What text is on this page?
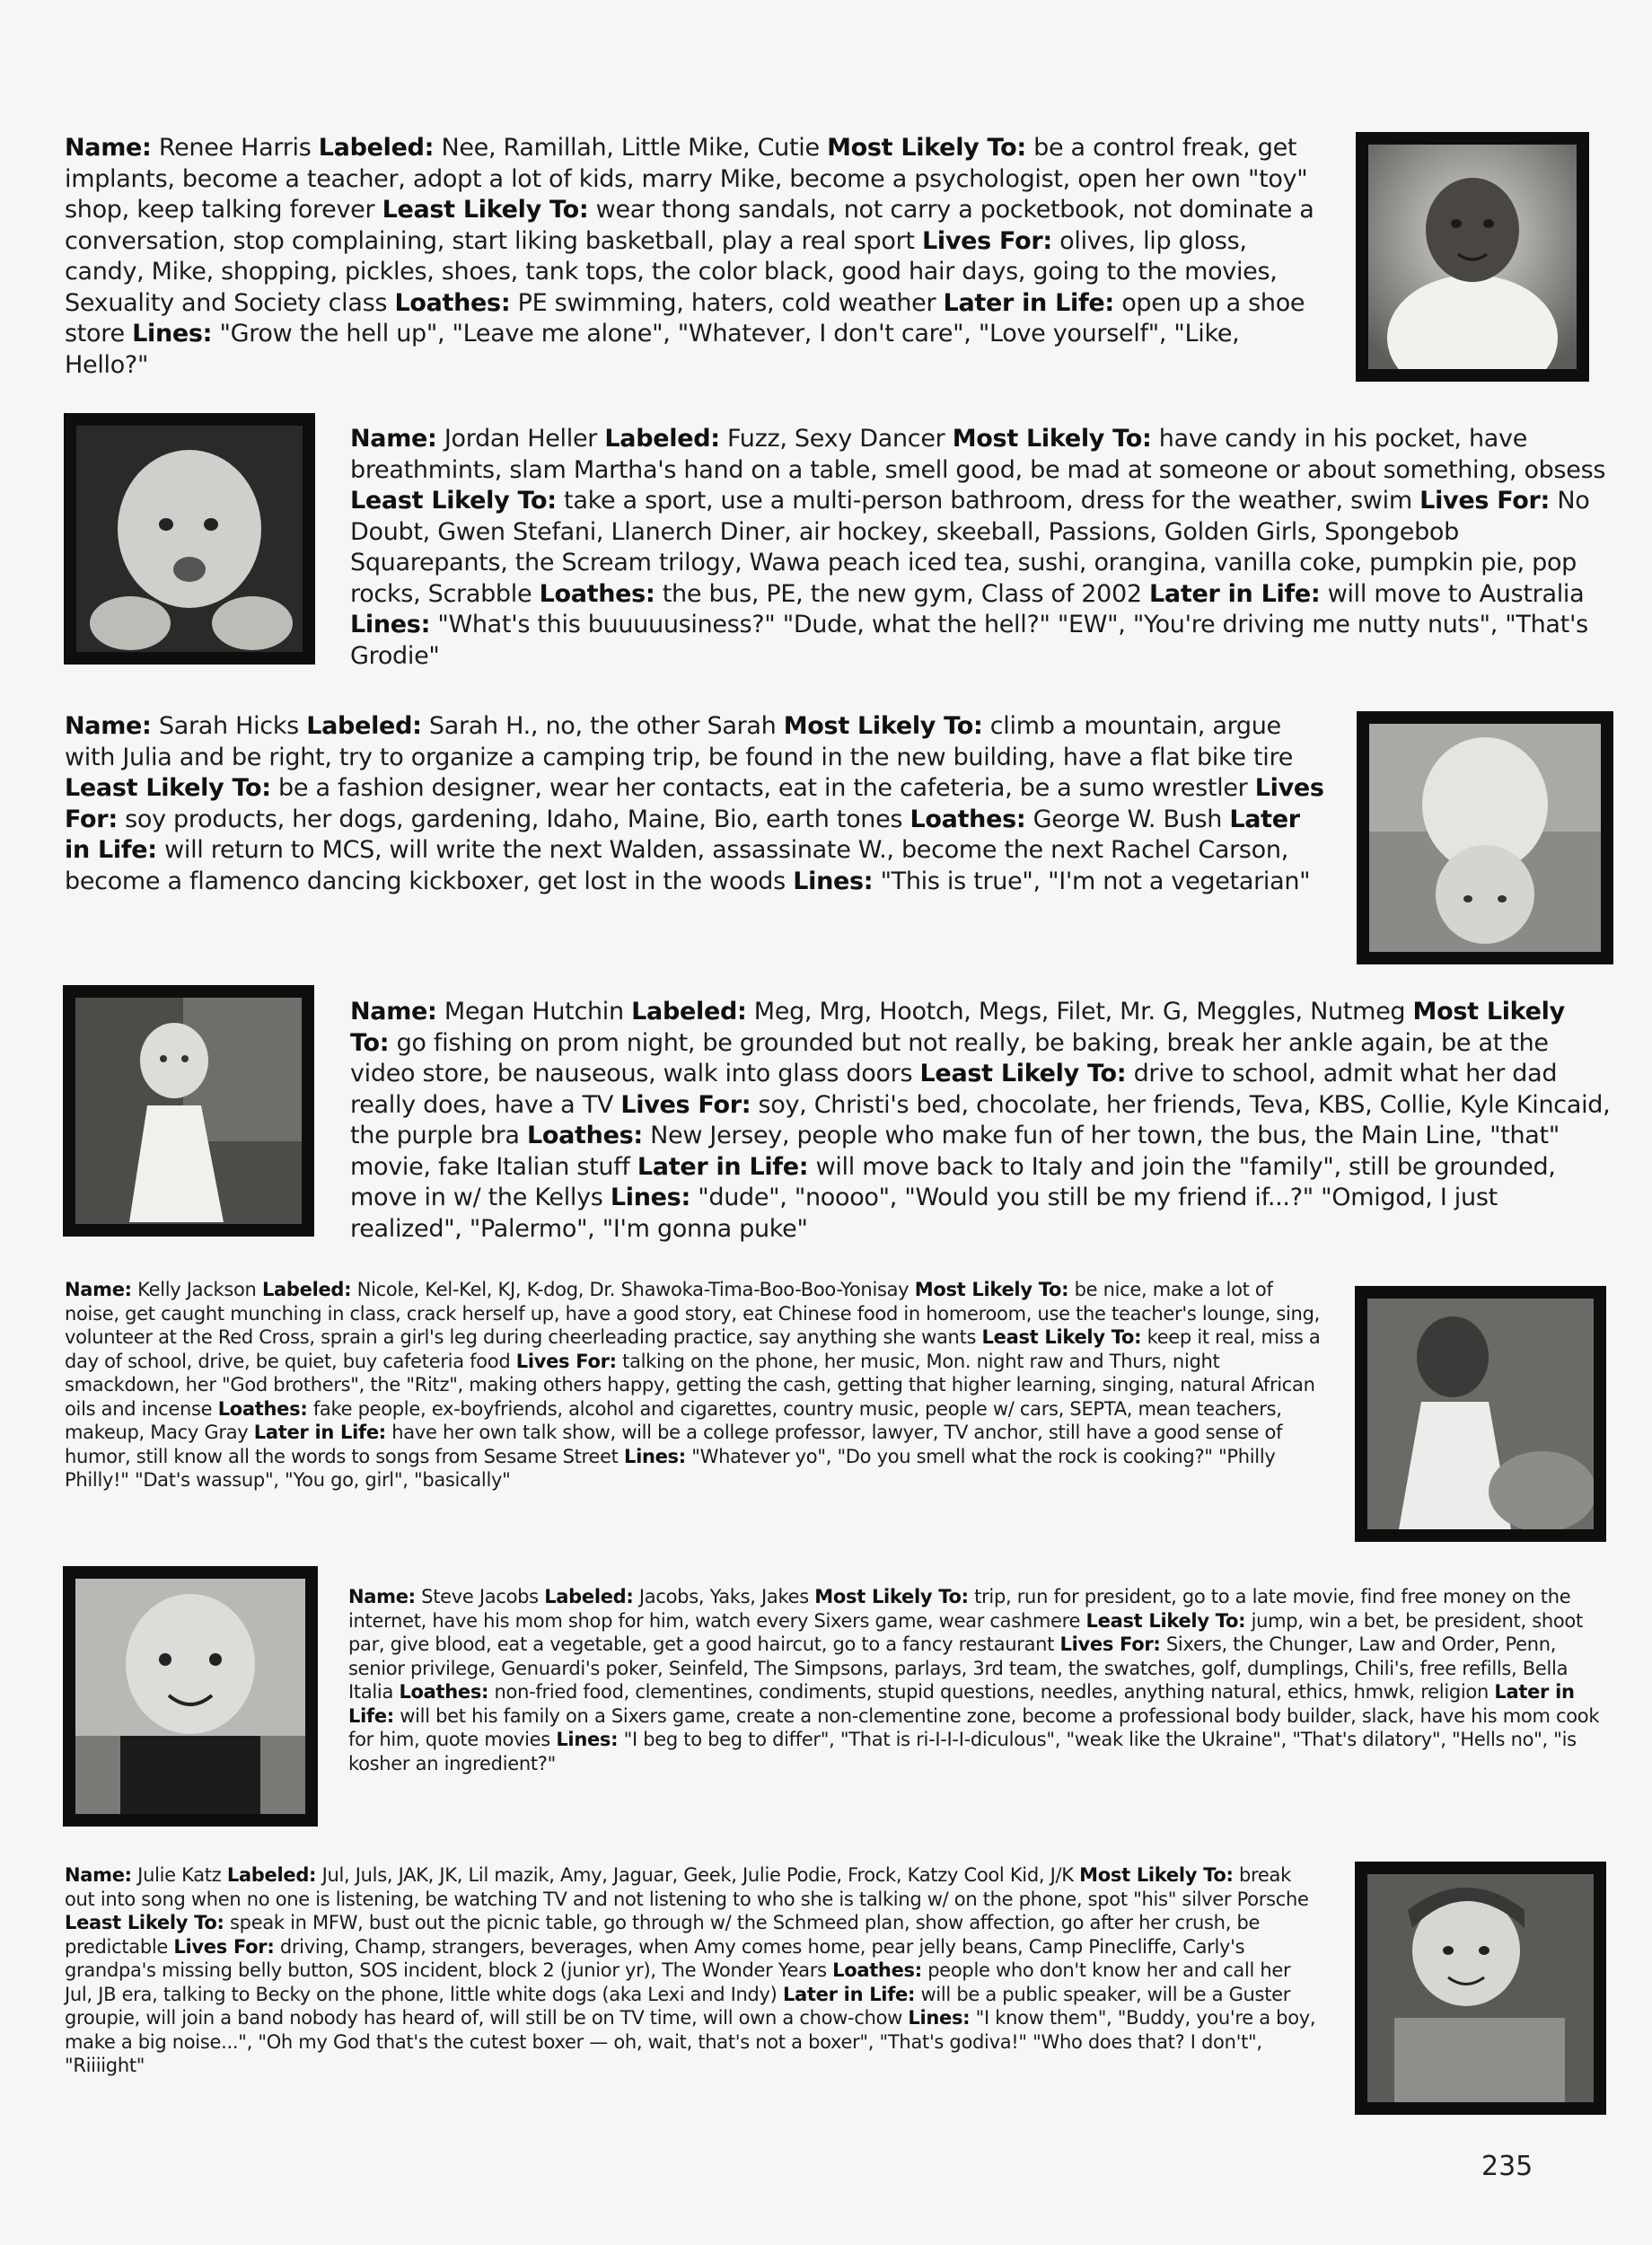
Name: Renee Harris Labeled: Nee, Ramillah, Little Mike, Cutie Most Likely To: be a control freak, get implants, become a teacher, adopt a lot of kids, marry Mike, become a psychologist, open her own "toy" shop, keep talking forever Least Likely To: wear thong sandals, not carry a pocketbook, not dominate a conversation, stop complaining, start liking basketball, play a real sport Lives For: olives, lip gloss, candy, Mike, shopping, pickles, shoes, tank tops, the color black, good hair days, going to the movies, Sexuality and Society class Loathes: PE swimming, haters, cold weather Later in Life: open up a shoe store Lines: "Grow the hell up", "Leave me alone", "Whatever, I don't care", "Love yourself", "Like, Hello?"

Name: Jordan Heller Labeled: Fuzz, Sexy Dancer Most Likely To: have candy in his pocket, have breathmints, slam Martha's hand on a table, smell good, be mad at someone or about something, obsess Least Likely To: take a sport, use a multi-person bathroom, dress for the weather, swim Lives For: No Doubt, Gwen Stefani, Llanerch Diner, air hockey, skeeball, Passions, Golden Girls, Spongebob Squarepants, the Scream trilogy, Wawa peach iced tea, sushi, orangina, vanilla coke, pumpkin pie, pop rocks, Scrabble Loathes: the bus, PE, the new gym, Class of 2002 Later in Life: will move to Australia Lines: "What's this buuuuusiness?" "Dude, what the hell?" "EW", "You're driving me nutty nuts", "That's Grodie"

Name: Sarah Hicks Labeled: Sarah H., no, the other Sarah Most Likely To: climb a mountain, argue with Julia and be right, try to organize a camping trip, be found in the new building, have a flat bike tire Least Likely To: be a fashion designer, wear her contacts, eat in the cafeteria, be a sumo wrestler Lives For: soy products, her dogs, gardening, Idaho, Maine, Bio, earth tones Loathes: George W. Bush Later in Life: will return to MCS, will write the next Walden, assassinate W., become the next Rachel Carson, become a flamenco dancing kickboxer, get lost in the woods Lines: "This is true", "I'm not a vegetarian"

Name: Megan Hutchin Labeled: Meg, Mrg, Hootch, Megs, Filet, Mr. G, Meggles, Nutmeg Most Likely To: go fishing on prom night, be grounded but not really, be baking, break her ankle again, be at the video store, be nauseous, walk into glass doors Least Likely To: drive to school, admit what her dad really does, have a TV Lives For: soy, Christi's bed, chocolate, her friends, Teva, KBS, Collie, Kyle Kincaid, the purple bra Loathes: New Jersey, people who make fun of her town, the bus, the Main Line, "that" movie, fake Italian stuff Later in Life: will move back to Italy and join the "family", still be grounded, move in w/ the Kellys Lines: "dude", "noooo", "Would you still be my friend if...?" "Omigod, I just realized", "Palermo", "I'm gonna puke"

Name: Kelly Jackson Labeled: Nicole, Kel-Kel, KJ, K-dog, Dr. Shawoka-Tima-Boo-Boo-Yonisay Most Likely To: be nice, make a lot of noise, get caught munching in class, crack herself up, have a good story, eat Chinese food in homeroom, use the teacher's lounge, sing, volunteer at the Red Cross, sprain a girl's leg during cheerleading practice, say anything she wants Least Likely To: keep it real, miss a day of school, drive, be quiet, buy cafeteria food Lives For: talking on the phone, her music, Mon. night raw and Thurs, night smackdown, her "God brothers", the "Ritz", making others happy, getting the cash, getting that higher learning, singing, natural African oils and incense Loathes: fake people, ex-boyfriends, alcohol and cigarettes, country music, people w/ cars, SEPTA, mean teachers, makeup, Macy Gray Later in Life: have her own talk show, will be a college professor, lawyer, TV anchor, still have a good sense of humor, still know all the words to songs from Sesame Street Lines: "Whatever yo", "Do you smell what the rock is cooking?" "Philly Philly!" "Dat's wassup", "You go, girl", "basically"

Name: Steve Jacobs Labeled: Jacobs, Yaks, Jakes Most Likely To: trip, run for president, go to a late movie, find free money on the internet, have his mom shop for him, watch every Sixers game, wear cashmere Least Likely To: jump, win a bet, be president, shoot par, give blood, eat a vegetable, get a good haircut, go to a fancy restaurant Lives For: Sixers, the Chunger, Law and Order, Penn, senior privilege, Genuardi's poker, Seinfeld, The Simpsons, parlays, 3rd team, the swatches, golf, dumplings, Chili's, free refills, Bella Italia Loathes: non-fried food, clementines, condiments, stupid questions, needles, anything natural, ethics, hmwk, religion Later in Life: will bet his family on a Sixers game, create a non-clementine zone, become a professional body builder, slack, have his mom cook for him, quote movies Lines: "I beg to beg to differ", "That is ri-I-I-I-diculous", "weak like the Ukraine", "That's dilatory", "Hells no", "is kosher an ingredient?"

Name: Julie Katz Labeled: Jul, Juls, JAK, JK, Lil mazik, Amy, Jaguar, Geek, Julie Podie, Frock, Katzy Cool Kid, J/K Most Likely To: break out into song when no one is listening, be watching TV and not listening to who she is talking w/ on the phone, spot "his" silver Porsche Least Likely To: speak in MFW, bust out the picnic table, go through w/ the Schmeed plan, show affection, go after her crush, be predictable Lives For: driving, Champ, strangers, beverages, when Amy comes home, pear jelly beans, Camp Pinecliffe, Carly's grandpa's missing belly button, SOS incident, block 2 (junior yr), The Wonder Years Loathes: people who don't know her and call her Jul, JB era, talking to Becky on the phone, little white dogs (aka Lexi and Indy) Later in Life: will be a public speaker, will be a Guster groupie, will join a band nobody has heard of, will still be on TV time, will own a chow-chow Lines: "I know them", "Buddy, you're a boy, make a big noise...", "Oh my God that's the cutest boxer — oh, wait, that's not a boxer", "That's godiva!" "Who does that? I don't", "Riiiight"

235
